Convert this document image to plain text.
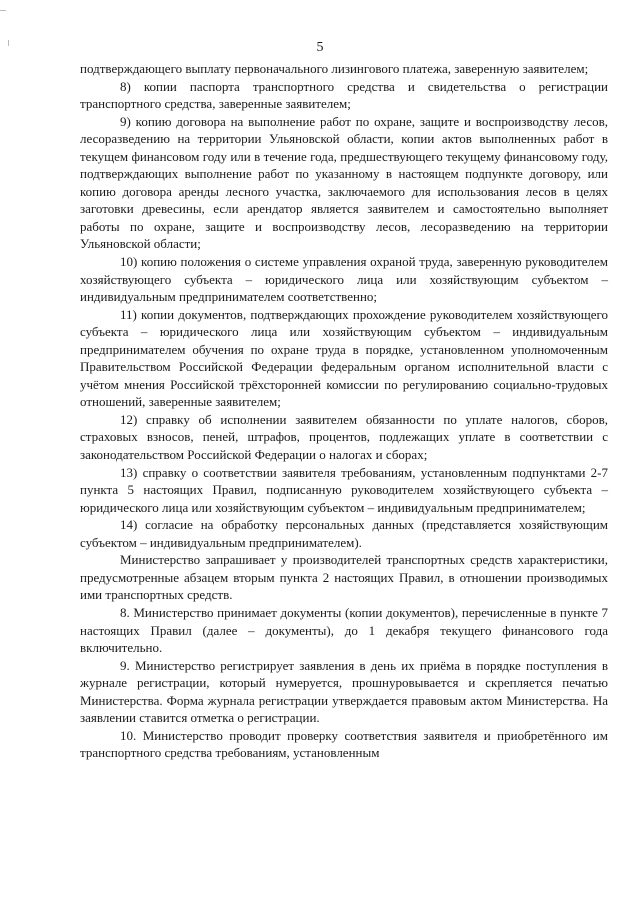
5

подтверждающего выплату первоначального лизингового платежа, заверенную заявителем;

8) копии паспорта транспортного средства и свидетельства о регистрации транспортного средства, заверенные заявителем;

9) копию договора на выполнение работ по охране, защите и воспроизводству лесов, лесоразведению на территории Ульяновской области, копии актов выполненных работ в текущем финансовом году или в течение года, предшествующего текущему финансовому году, подтверждающих выполнение работ по указанному в настоящем подпункте договору, или копию договора аренды лесного участка, заключаемого для использования лесов в целях заготовки древесины, если арендатор является заявителем и самостоятельно выполняет работы по охране, защите и воспроизводству лесов, лесоразведению на территории Ульяновской области;

10) копию положения о системе управления охраной труда, заверенную руководителем хозяйствующего субъекта – юридического лица или хозяйствующим субъектом – индивидуальным предпринимателем соответственно;

11) копии документов, подтверждающих прохождение руководителем хозяйствующего субъекта – юридического лица или хозяйствующим субъектом – индивидуальным предпринимателем обучения по охране труда в порядке, установленном уполномоченным Правительством Российской Федерации федеральным органом исполнительной власти с учётом мнения Российской трёхсторонней комиссии по регулированию социально-трудовых отношений, заверенные заявителем;

12) справку об исполнении заявителем обязанности по уплате налогов, сборов, страховых взносов, пеней, штрафов, процентов, подлежащих уплате в соответствии с законодательством Российской Федерации о налогах и сборах;

13) справку о соответствии заявителя требованиям, установленным подпунктами 2-7 пункта 5 настоящих Правил, подписанную руководителем хозяйствующего субъекта – юридического лица или хозяйствующим субъектом – индивидуальным предпринимателем;

14) согласие на обработку персональных данных (представляется хозяйствующим субъектом – индивидуальным предпринимателем).

Министерство запрашивает у производителей транспортных средств характеристики, предусмотренные абзацем вторым пункта 2 настоящих Правил, в отношении производимых ими транспортных средств.

8. Министерство принимает документы (копии документов), перечисленные в пункте 7 настоящих Правил (далее – документы), до 1 декабря текущего финансового года включительно.

9. Министерство регистрирует заявления в день их приёма в порядке поступления в журнале регистрации, который нумеруется, прошнуровывается и скрепляется печатью Министерства. Форма журнала регистрации утверждается правовым актом Министерства. На заявлении ставится отметка о регистрации.

10. Министерство проводит проверку соответствия заявителя и приобретённого им транспортного средства требованиям, установленным
